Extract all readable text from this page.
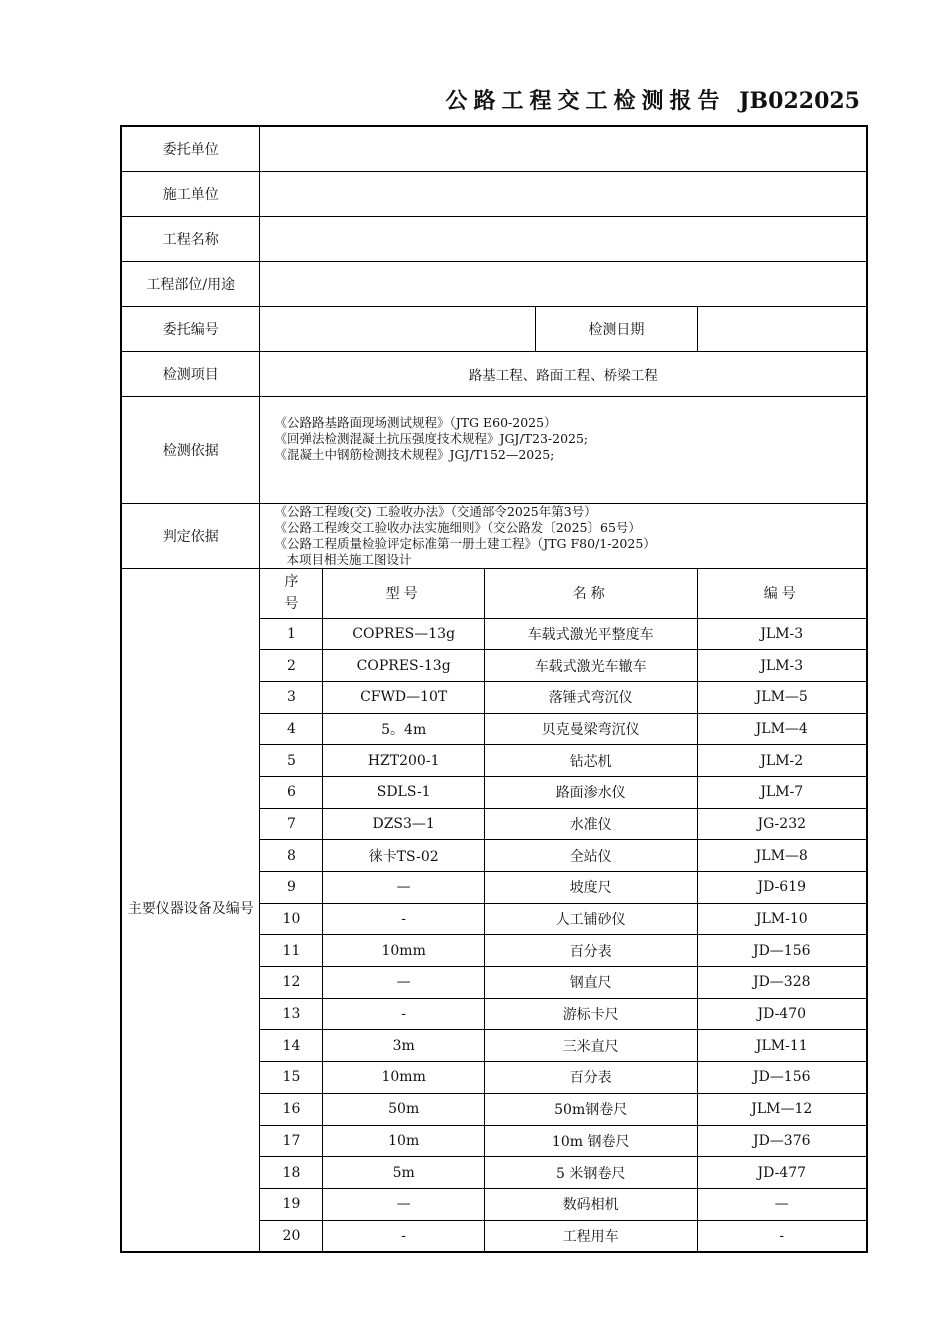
公路工程交工检测报告 JB022025
委托单位					
施工单位					
工程名称					
工程部位/用途					
委托编号				检测日期	
检测项目	路基工程、路面工程、桥梁工程				
检测依据	《公路路基路面现场测试规程》（JTG E60-2025）
《回弹法检测混凝土抗压强度技术规程》JGJ/T23-2025;
《混凝土中钢筋检测技术规程》JGJ/T152—2025;				

判定依据	《公路工程竣(交) 工验收办法》（交通部令2025年第3号）
《公路工程竣交工验收办法实施细则》（交公路发〔2025〕65号）
《公路工程质量检验评定标准第一册土建工程》（JTG F80/1-2025）
本项目相关施工图设计				

主要仪器设备及编号	序
号	型号	名称		编号
	1	COPRES—13g	车载式激光平整度车		JLM-3
	2	COPRES-13g	车载式激光车辙车		JLM-3
	3	CFWD—10T	落锤式弯沉仪		JLM—5
	4	5。4m	贝克曼梁弯沉仪		JLM—4
	5	HZT200-1	钻芯机		JLM-2
	6	SDLS-1	路面渗水仪		JLM-7
	7	DZS3—1	水准仪		JG-232
	8	徕卡TS-02	全站仪		JLM—8
	9	—	坡度尺		JD-619
	10	-	人工铺砂仪		JLM-10
	11	10mm	百分表		JD—156
	12	—	钢直尺		JD—328
	13	-	游标卡尺		JD-470
	14	3m	三米直尺		JLM-11
	15	10mm	百分表		JD—156
	16	50m	50m钢卷尺		JLM—12
	17	10m	10m 钢卷尺		JD—376
	18	5m	5 米钢卷尺		JD-477
	19	—	数码相机		—
	20	-	工程用车		-
